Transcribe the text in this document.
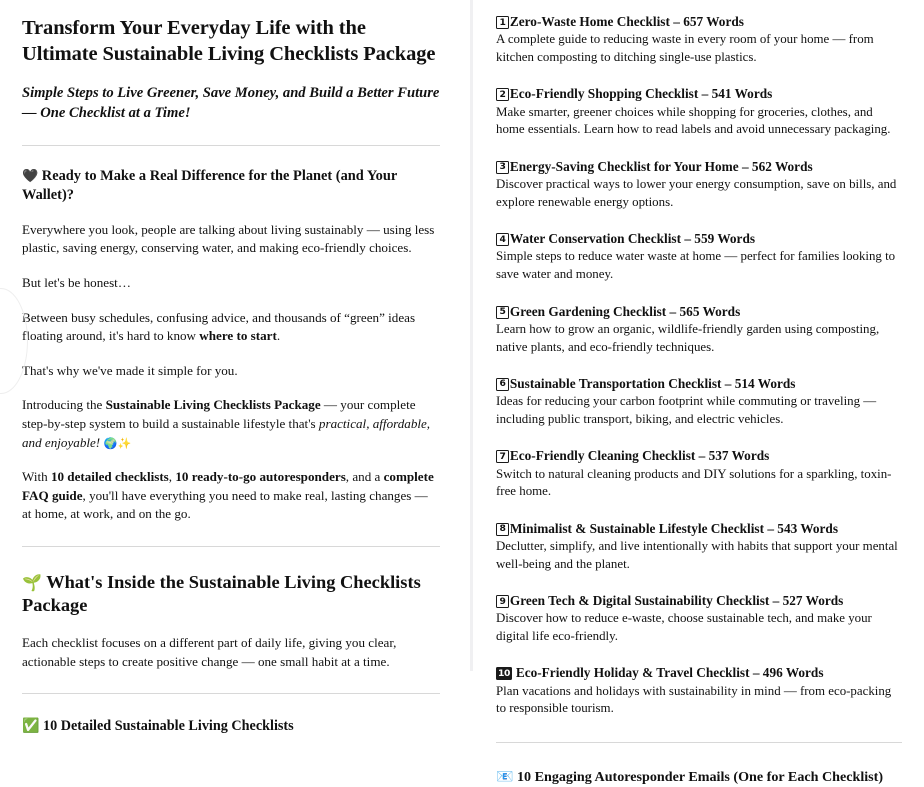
Transform Your Everyday Life with the Ultimate Sustainable Living Checklists Package

Simple Steps to Live Greener, Save Money, and Build a Better Future — One Checklist at a Time!

🖤 Ready to Make a Real Difference for the Planet (and Your Wallet)?

Everywhere you look, people are talking about living sustainably — using less plastic, saving energy, conserving water, and making eco-friendly choices.

But let's be honest…

Between busy schedules, confusing advice, and thousands of “green” ideas floating around, it's hard to know where to start.

That's why we've made it simple for you.

Introducing the Sustainable Living Checklists Package — your complete step-by-step system to build a sustainable lifestyle that's practical, affordable, and enjoyable! 🌍✨

With 10 detailed checklists, 10 ready-to-go autoresponders, and a complete FAQ guide, you'll have everything you need to make real, lasting changes — at home, at work, and on the go.

🌱 What's Inside the Sustainable Living Checklists Package

Each checklist focuses on a different part of daily life, giving you clear, actionable steps to create positive change — one small habit at a time.

✅ 10 Detailed Sustainable Living Checklists

1 Zero-Waste Home Checklist – 657 Words

A complete guide to reducing waste in every room of your home — from kitchen composting to ditching single-use plastics.

2 Eco-Friendly Shopping Checklist – 541 Words

Make smarter, greener choices while shopping for groceries, clothes, and home essentials. Learn how to read labels and avoid unnecessary packaging.

3 Energy-Saving Checklist for Your Home – 562 Words

Discover practical ways to lower your energy consumption, save on bills, and explore renewable energy options.

4 Water Conservation Checklist – 559 Words

Simple steps to reduce water waste at home — perfect for families looking to save water and money.

5 Green Gardening Checklist – 565 Words

Learn how to grow an organic, wildlife-friendly garden using composting, native plants, and eco-friendly techniques.

6 Sustainable Transportation Checklist – 514 Words

Ideas for reducing your carbon footprint while commuting or traveling — including public transport, biking, and electric vehicles.

7 Eco-Friendly Cleaning Checklist – 537 Words

Switch to natural cleaning products and DIY solutions for a sparkling, toxin-free home.

8 Minimalist & Sustainable Lifestyle Checklist – 543 Words

Declutter, simplify, and live intentionally with habits that support your mental well-being and the planet.

9 Green Tech & Digital Sustainability Checklist – 527 Words

Discover how to reduce e-waste, choose sustainable tech, and make your digital life eco-friendly.

10 Eco-Friendly Holiday & Travel Checklist – 496 Words

Plan vacations and holidays with sustainability in mind — from eco-packing to responsible tourism.

📧 10 Engaging Autoresponder Emails (One for Each Checklist)
